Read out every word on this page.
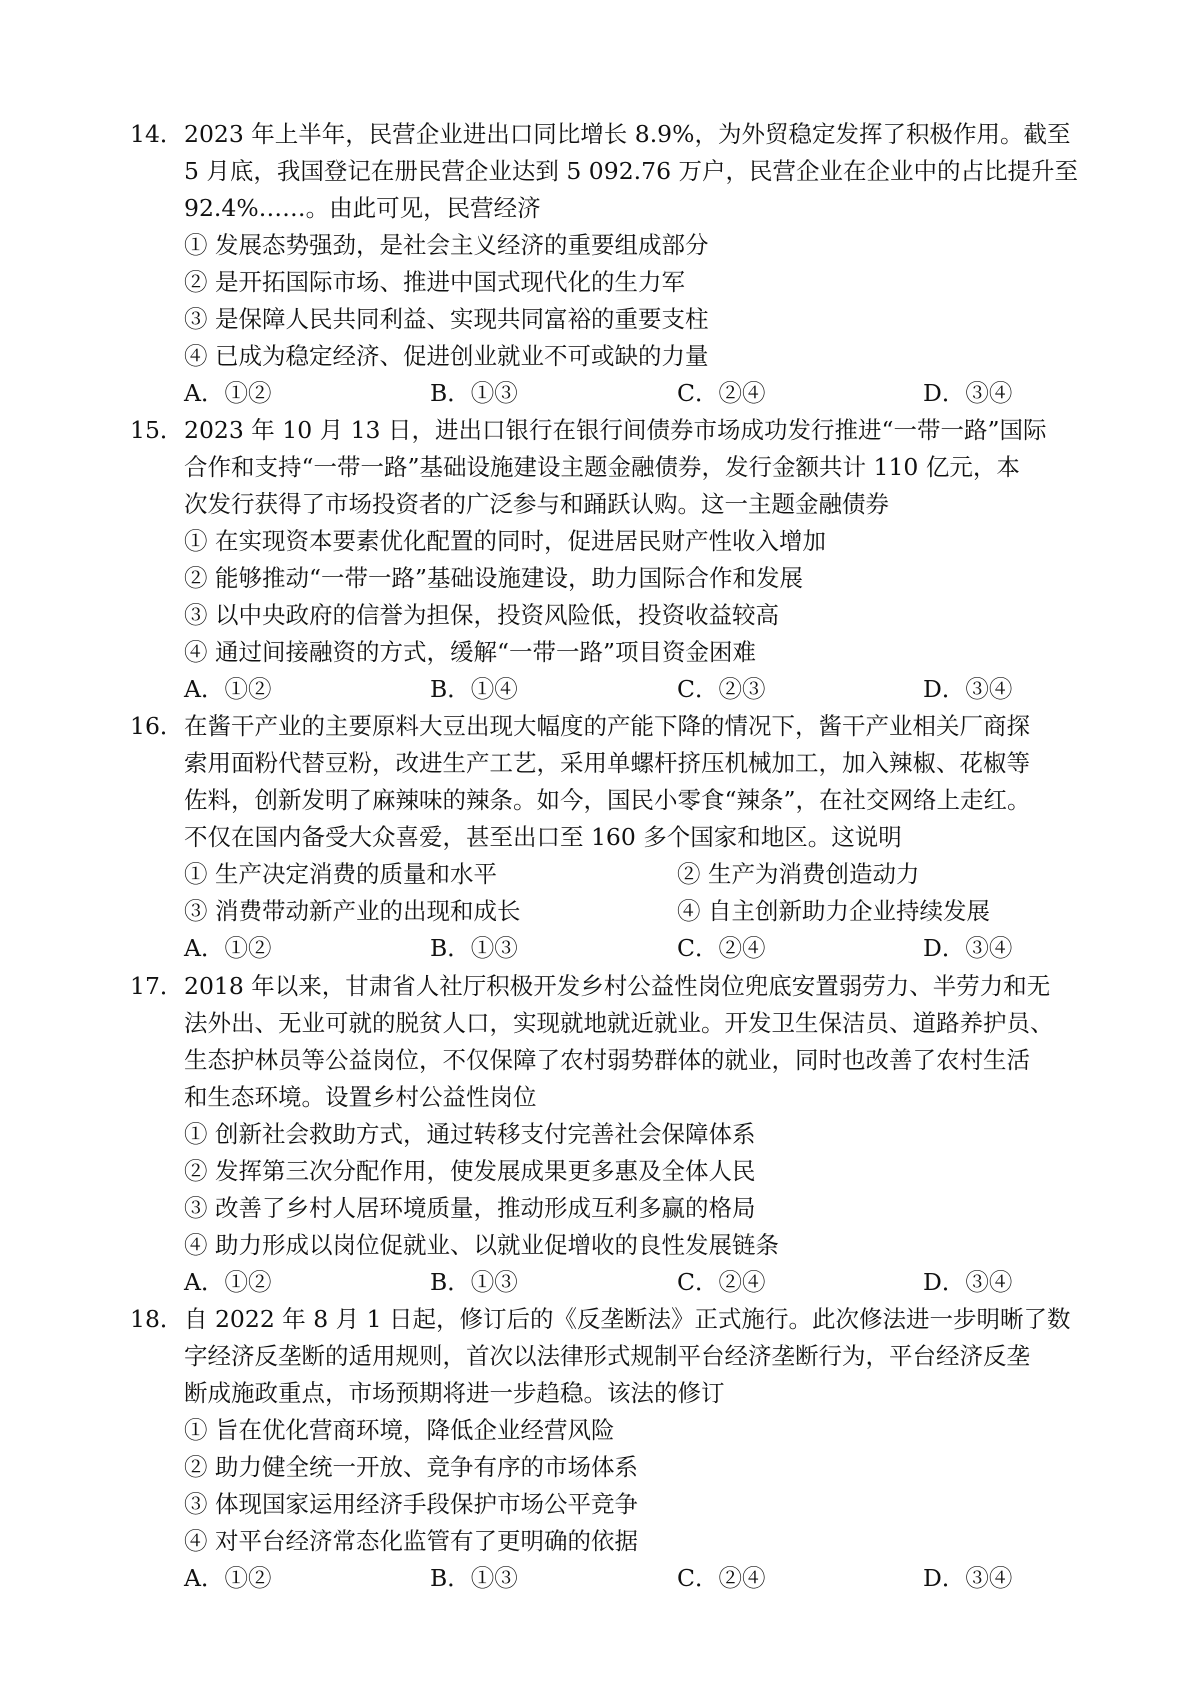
14． 2023 年上半年，民营企业进出口同比增长 8.9%，为外贸稳定发挥了积极作用。截至
5 月底，我国登记在册民营企业达到 5 092.76 万户，民营企业在企业中的占比提升至
92.4%……。由此可见，民营经济
① 发展态势强劲，是社会主义经济的重要组成部分
② 是开拓国际市场、推进中国式现代化的生力军
③ 是保障人民共同利益、实现共同富裕的重要支柱
④ 已成为稳定经济、促进创业就业不可或缺的力量
A．①②	B．①③	C．②④	D．③④
15． 2023 年 10 月 13 日，进出口银行在银行间债券市场成功发行推进“一带一路”国际
合作和支持“一带一路”基础设施建设主题金融债券，发行金额共计 110 亿元，本
次发行获得了市场投资者的广泛参与和踊跃认购。这一主题金融债券
① 在实现资本要素优化配置的同时，促进居民财产性收入增加
② 能够推动“一带一路”基础设施建设，助力国际合作和发展
③ 以中央政府的信誉为担保，投资风险低，投资收益较高
④ 通过间接融资的方式，缓解“一带一路”项目资金困难
A．①②	B．①④	C．②③	D．③④
16． 在酱干产业的主要原料大豆出现大幅度的产能下降的情况下，酱干产业相关厂商探
索用面粉代替豆粉，改进生产工艺，采用单螺杆挤压机械加工，加入辣椒、花椒等
佐料，创新发明了麻辣味的辣条。如今，国民小零食“辣条”，在社交网络上走红。
不仅在国内备受大众喜爱，甚至出口至 160 多个国家和地区。这说明
① 生产决定消费的质量和水平	② 生产为消费创造动力
③ 消费带动新产业的出现和成长	④ 自主创新助力企业持续发展
A．①②	B．①③	C．②④	D．③④
17． 2018 年以来，甘肃省人社厅积极开发乡村公益性岗位兜底安置弱劳力、半劳力和无
法外出、无业可就的脱贫人口，实现就地就近就业。开发卫生保洁员、道路养护员、
生态护林员等公益岗位，不仅保障了农村弱势群体的就业，同时也改善了农村生活
和生态环境。设置乡村公益性岗位
① 创新社会救助方式，通过转移支付完善社会保障体系
② 发挥第三次分配作用，使发展成果更多惠及全体人民
③ 改善了乡村人居环境质量，推动形成互利多赢的格局
④ 助力形成以岗位促就业、以就业促增收的良性发展链条
A．①②	B．①③	C．②④	D．③④
18． 自 2022 年 8 月 1 日起，修订后的《反垄断法》正式施行。此次修法进一步明晰了数
字经济反垄断的适用规则，首次以法律形式规制平台经济垄断行为，平台经济反垄
断成施政重点，市场预期将进一步趋稳。该法的修订
① 旨在优化营商环境，降低企业经营风险
② 助力健全统一开放、竞争有序的市场体系
③ 体现国家运用经济手段保护市场公平竞争
④ 对平台经济常态化监管有了更明确的依据
A．①②	B．①③	C．②④	D．③④
